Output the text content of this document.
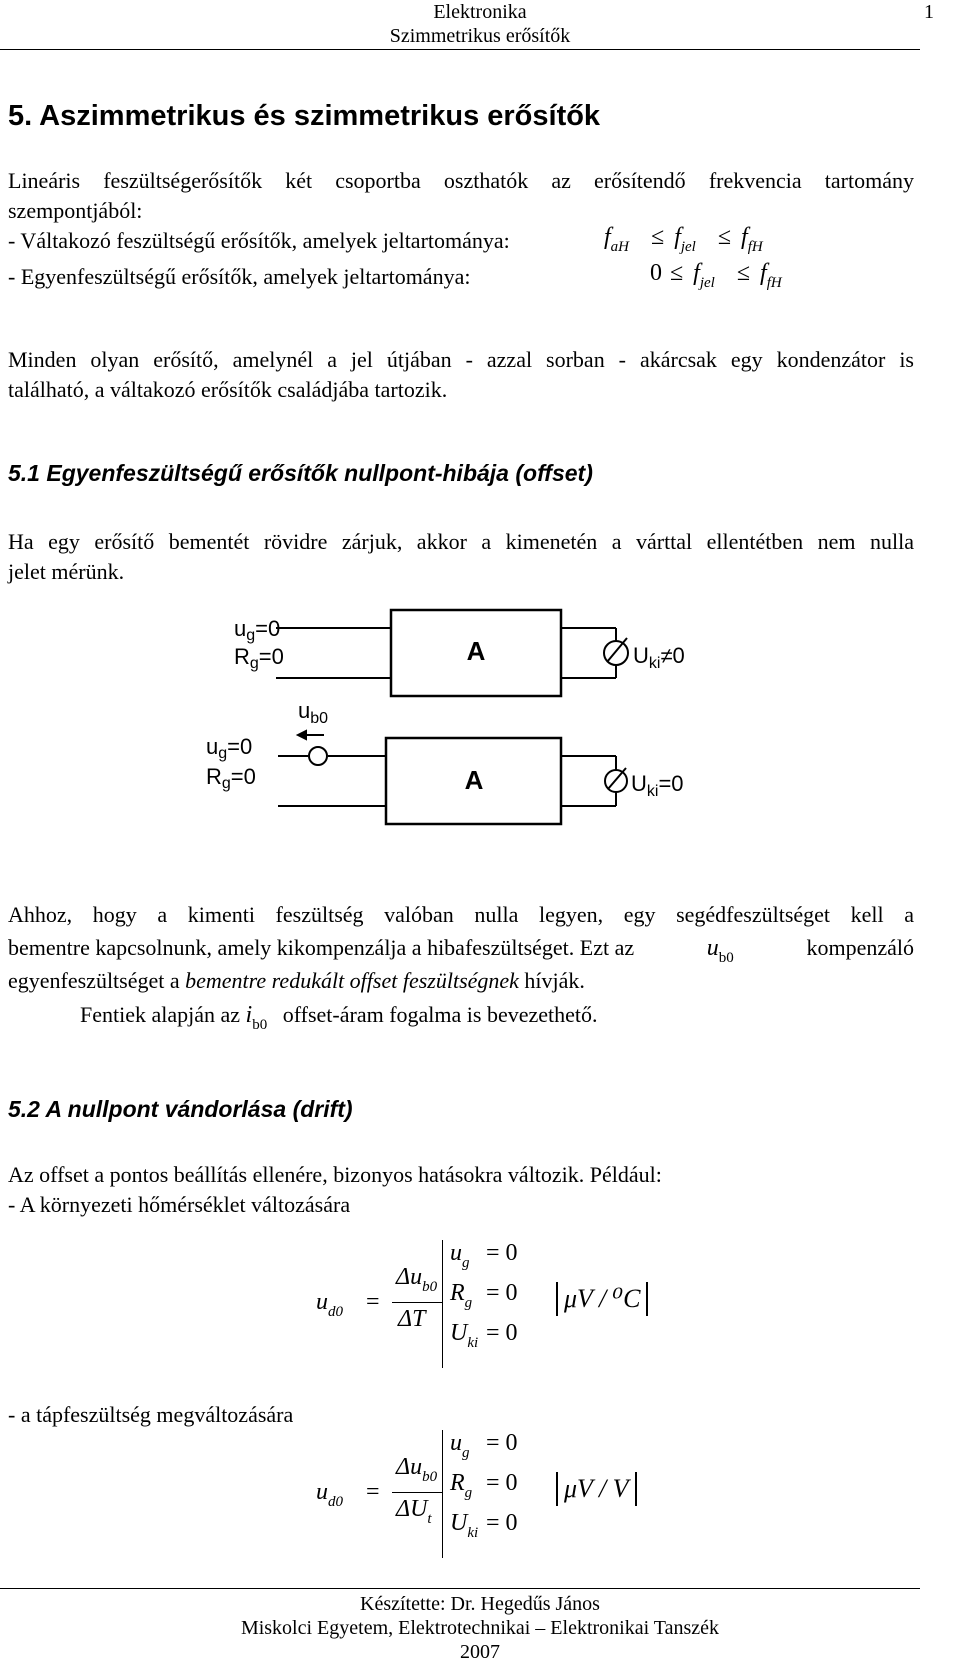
Elektronika
Szimmetrikus erősítők
1
5. Aszimmetrikus és szimmetrikus erősítők
Lineáris feszültségerősítők két csoportba oszthatók az erősítendő frekvencia tartomány
szempontjából:
- Váltakozó feszültségű erősítők, amelyek jeltartománya:	faH ≤ fjel ≤ ffH
- Egyenfeszültségű erősítők, amelyek jeltartománya:	0 ≤ fjel ≤ ffH
Minden olyan erősítő, amelynél a jel útjában - azzal sorban - akárcsak egy kondenzátor is
található, a váltakozó erősítők családjába tartozik.
5.1 Egyenfeszültségű erősítők nullpont-hibája (offset)
Ha egy erősítő bementét rövidre zárjuk, akkor a kimenetén a várttal ellentétben nem nulla
jelet mérünk.
ug=0
Rg=0	A	$U_{ki}\ne 0$
$u_{b0}$
ug=0
Rg=0	A	$U_{ki}=0$
Ahhoz, hogy a kimenti feszültség valóban nulla legyen, egy segédfeszültséget kell a
bementre kapcsolnunk, amely kikompenzálja a hibafeszültséget. Ezt az	$u_{b0}$	kompenzáló
egyenfeszültséget a bementre redukált offset feszültségnek hívják.
Fentiek alapján az $i_{b0}$ offset-áram fogalma is bevezethető.
5.2 A nullpont vándorlása (drift)
Az offset a pontos beállítás ellenére, bizonyos hatásokra változik. Például:
- A környezeti hőmérséklet változására
$u_{d0}$ =
$\Delta u_{b0}$
ΔT
$u_g = 0$
$R_g = 0$
$U_{ki} = 0$
μV / ⁰C
- a tápfeszültség megváltozására
$u_{d0}$ =
$\Delta u_{b0}$
$\Delta U_t$
$u_g = 0$
$R_g = 0$
$U_{ki} = 0$
μV / V
Készítette: Dr. Hegedűs János
Miskolci Egyetem, Elektrotechnikai – Elektronikai Tanszék
2007
